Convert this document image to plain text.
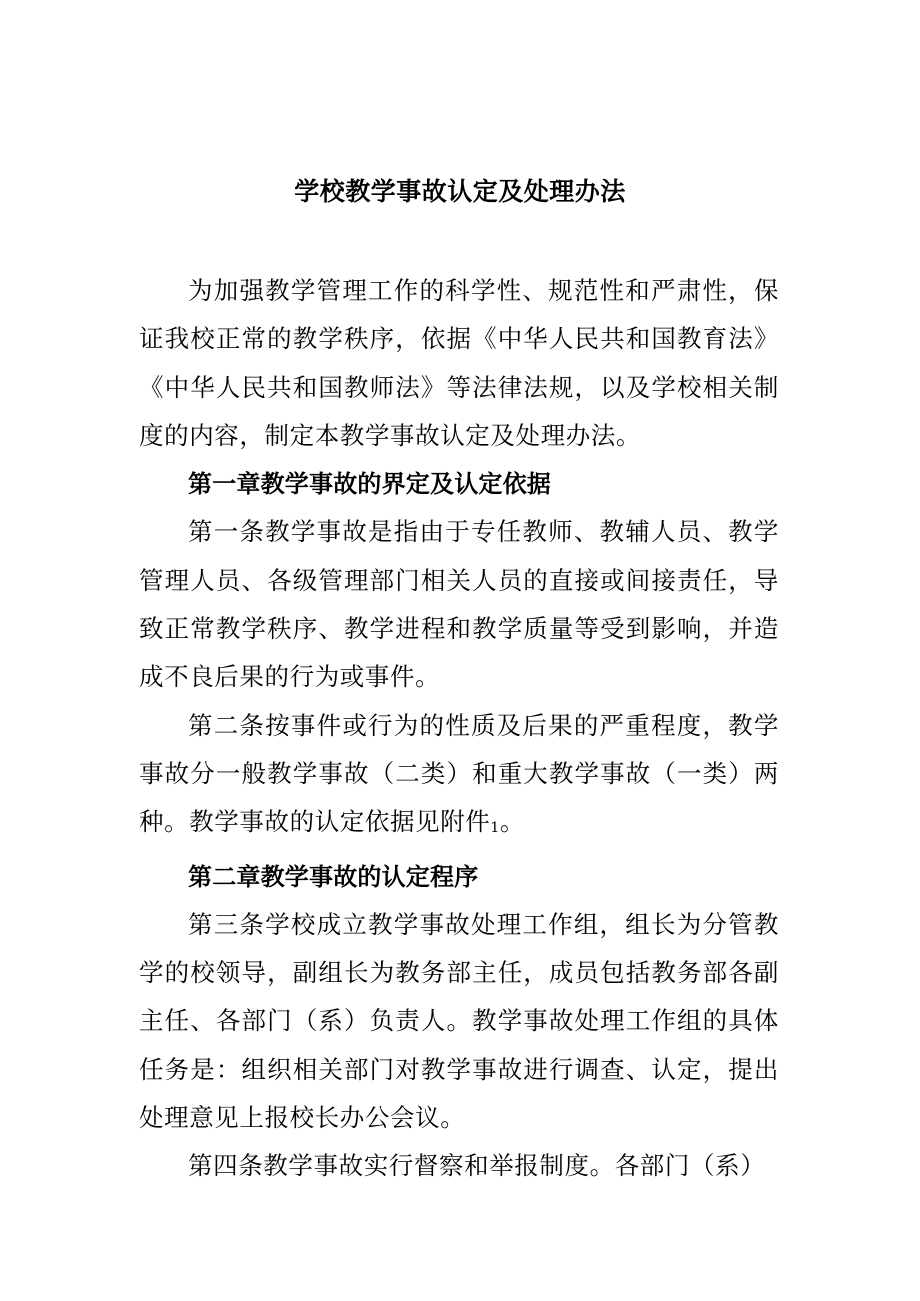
学校教学事故认定及处理办法

为加强教学管理工作的科学性、规范性和严肃性，保证我校正常的教学秩序，依据《中华人民共和国教育法》《中华人民共和国教师法》等法律法规，以及学校相关制度的内容，制定本教学事故认定及处理办法。

第一章教学事故的界定及认定依据

第一条教学事故是指由于专任教师、教辅人员、教学管理人员、各级管理部门相关人员的直接或间接责任，导致正常教学秩序、教学进程和教学质量等受到影响，并造成不良后果的行为或事件。

第二条按事件或行为的性质及后果的严重程度，教学事故分一般教学事故（二类）和重大教学事故（一类）两种。教学事故的认定依据见附件1。

第二章教学事故的认定程序

第三条学校成立教学事故处理工作组，组长为分管教学的校领导，副组长为教务部主任，成员包括教务部各副主任、各部门（系）负责人。教学事故处理工作组的具体任务是：组织相关部门对教学事故进行调查、认定，提出处理意见上报校长办公会议。

第四条教学事故实行督察和举报制度。各部门（系）
